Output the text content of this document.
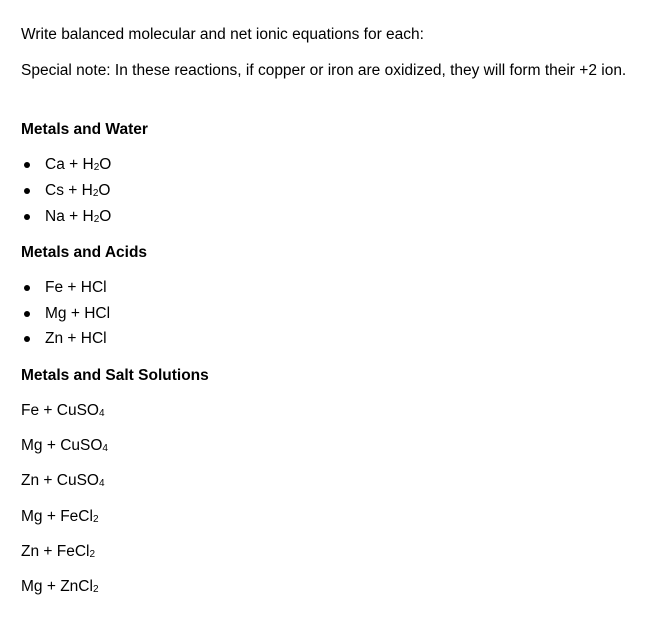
Write balanced molecular and net ionic equations for each:
Special note: In these reactions, if copper or iron are oxidized, they will form their +2 ion.
Metals and Water
$Ca + H_2O$
$Cs + H_2O$
$Na + H_2O$
Metals and Acids
Fe + HCl
Mg + HCl
Zn + HCl
Metals and Salt Solutions
Fe + CuSO$_4$
Mg + CuSO$_4$
Zn + CuSO$_4$
Mg + FeCl$_2$
Zn + FeCl$_2$
Mg + ZnCl$_2$
